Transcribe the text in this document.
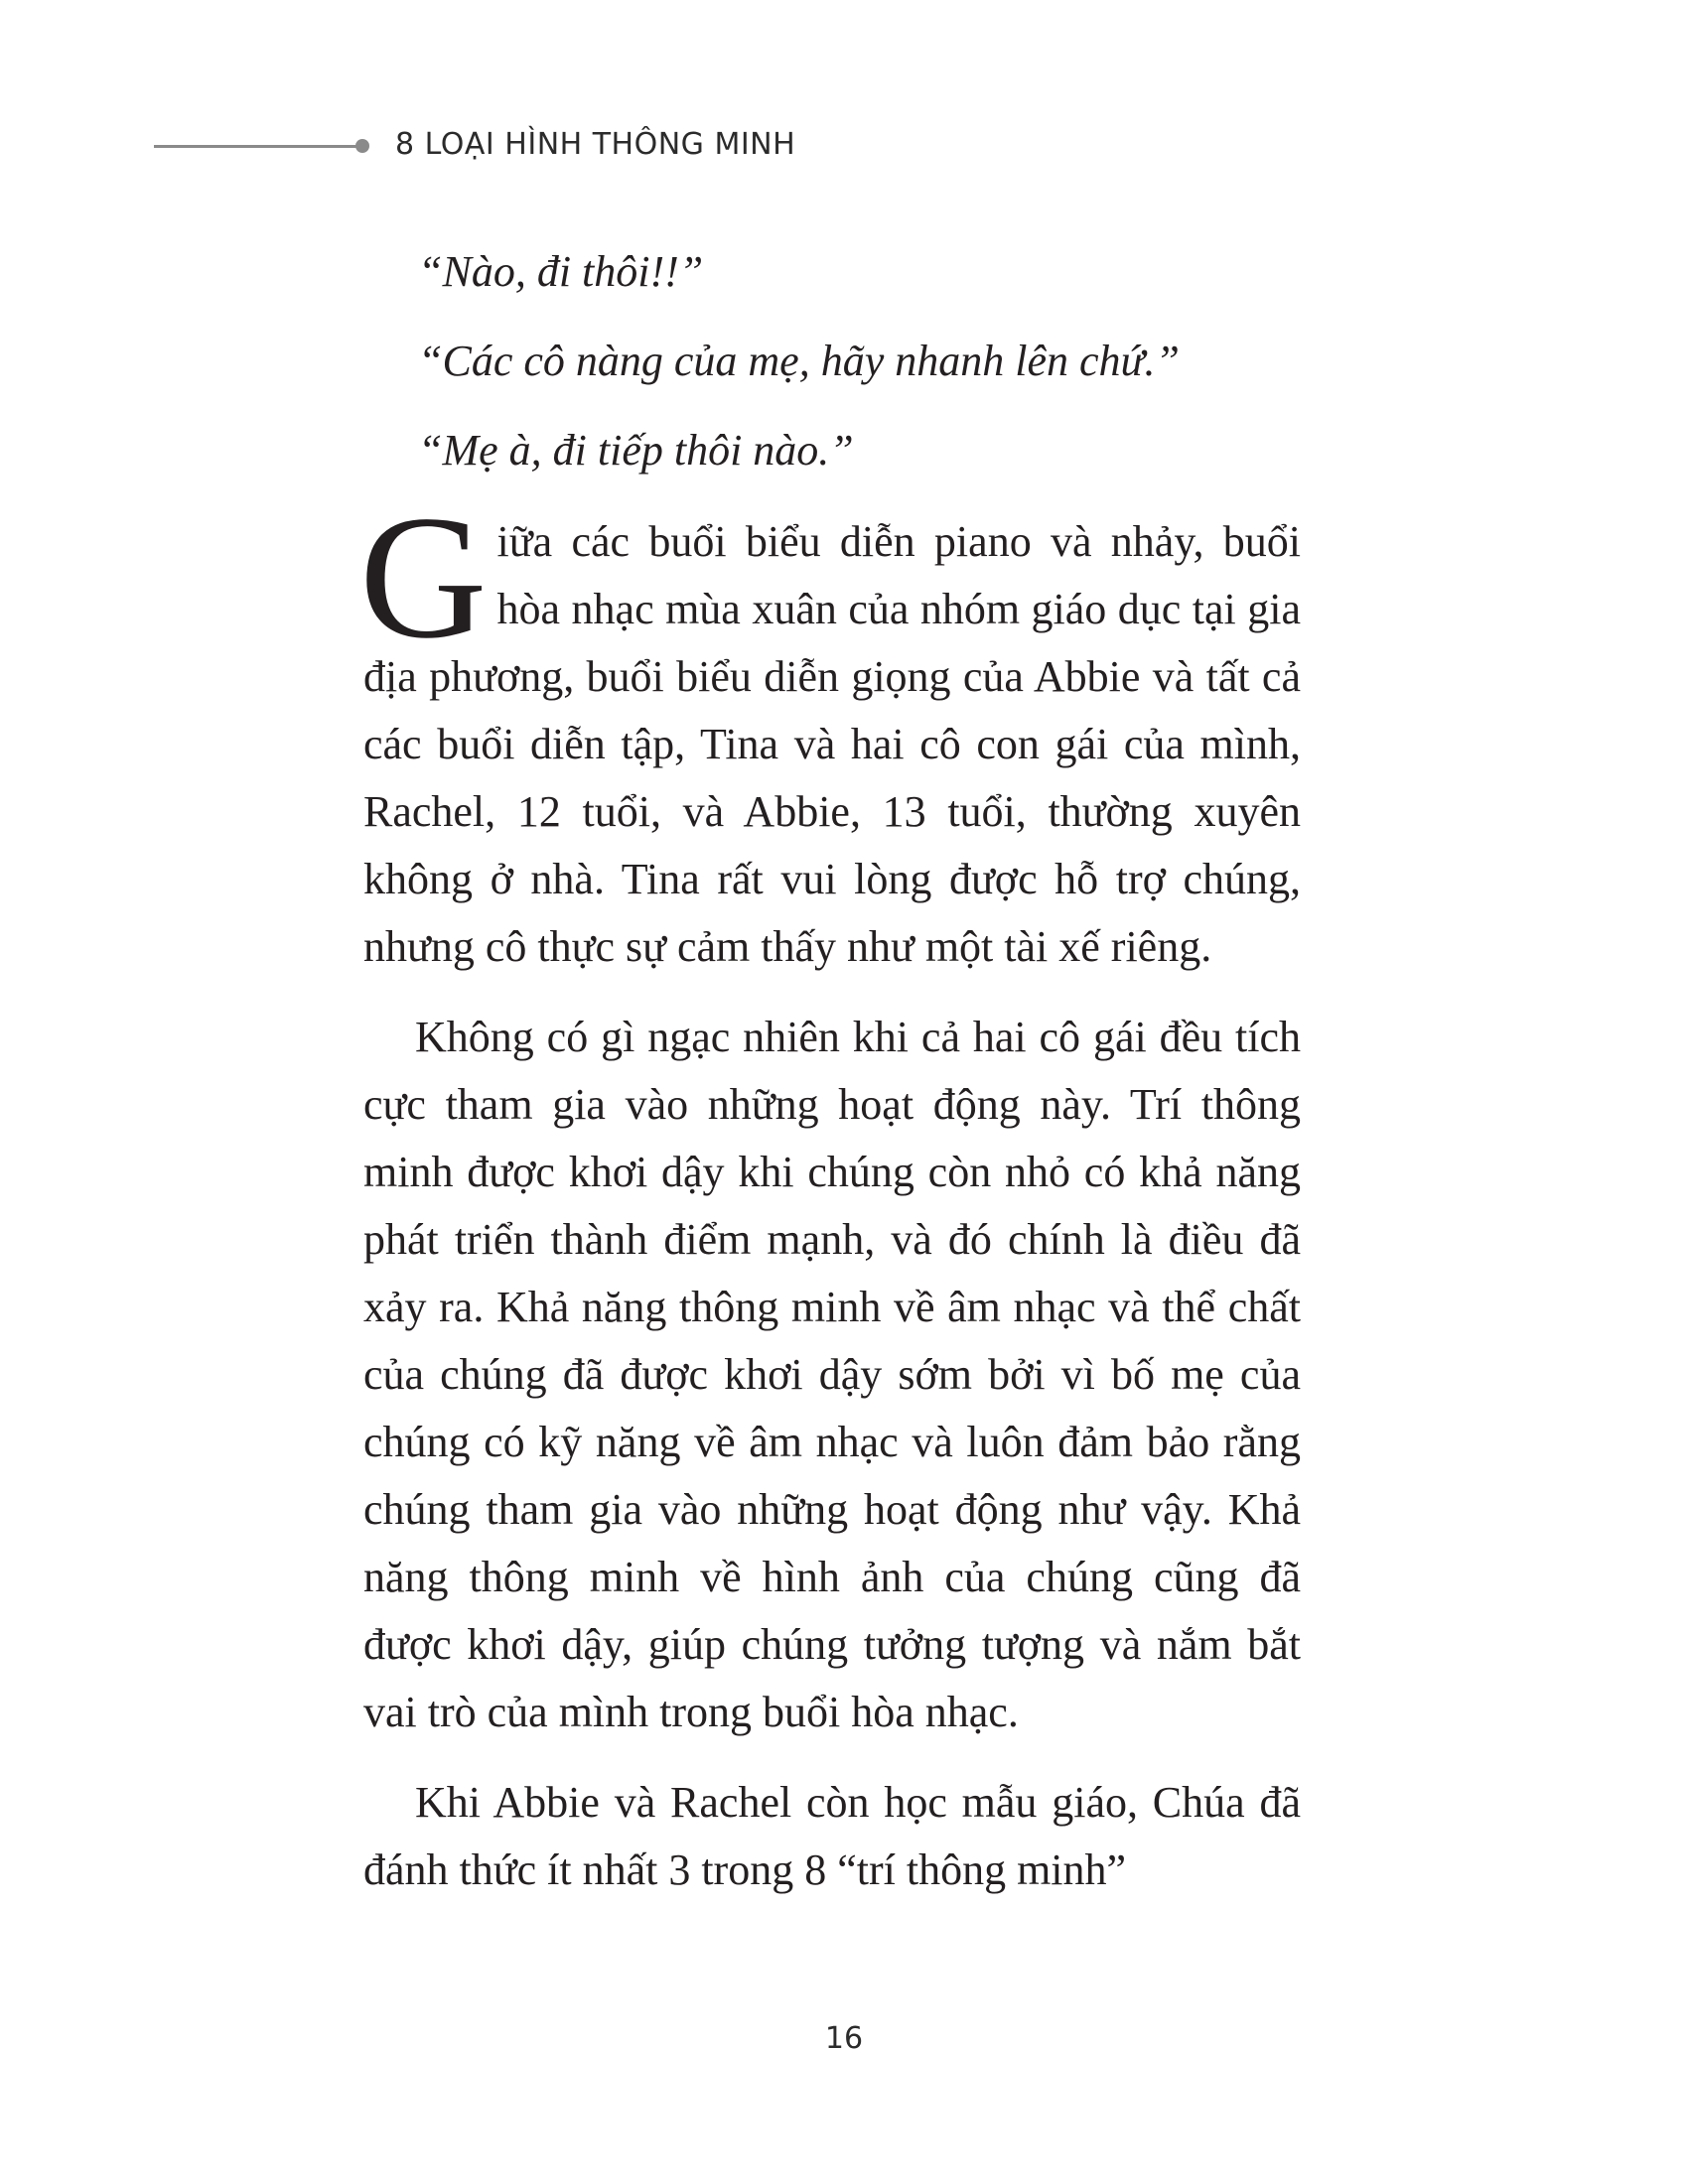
8 LOẠI HÌNH THÔNG MINH

“Nào, đi thôi!!”

“Các cô nàng của mẹ, hãy nhanh lên chứ.”

“Mẹ à, đi tiếp thôi nào.”

Giữa các buổi biểu diễn piano và nhảy, buổi hòa nhạc mùa xuân của nhóm giáo dục tại gia địa phương, buổi biểu diễn giọng của Abbie và tất cả các buổi diễn tập, Tina và hai cô con gái của mình, Rachel, 12 tuổi, và Abbie, 13 tuổi, thường xuyên không ở nhà. Tina rất vui lòng được hỗ trợ chúng, nhưng cô thực sự cảm thấy như một tài xế riêng.

Không có gì ngạc nhiên khi cả hai cô gái đều tích cực tham gia vào những hoạt động này. Trí thông minh được khơi dậy khi chúng còn nhỏ có khả năng phát triển thành điểm mạnh, và đó chính là điều đã xảy ra. Khả năng thông minh về âm nhạc và thể chất của chúng đã được khơi dậy sớm bởi vì bố mẹ của chúng có kỹ năng về âm nhạc và luôn đảm bảo rằng chúng tham gia vào những hoạt động như vậy. Khả năng thông minh về hình ảnh của chúng cũng đã được khơi dậy, giúp chúng tưởng tượng và nắm bắt vai trò của mình trong buổi hòa nhạc.

Khi Abbie và Rachel còn học mẫu giáo, Chúa đã đánh thức ít nhất 3 trong 8 “trí thông minh”

16
